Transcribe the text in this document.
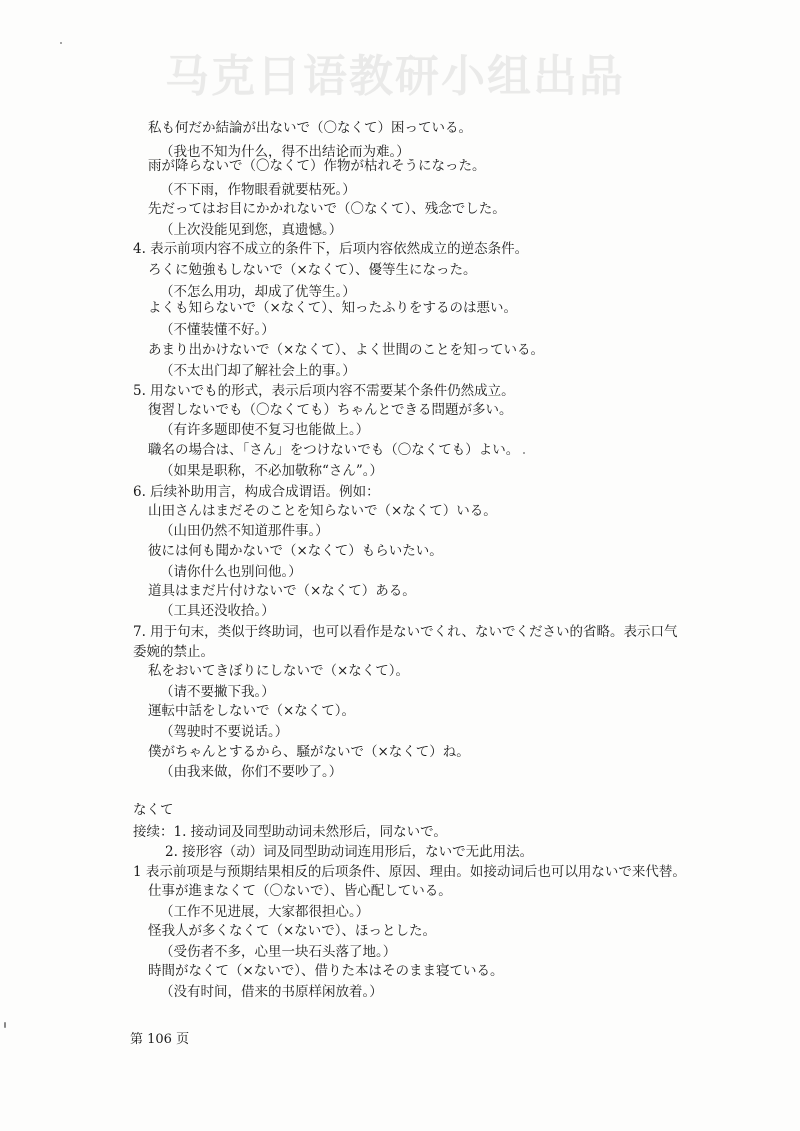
马克日语教研小组出品
私も何だか結論が出ないで（〇なくて）困っている。
（我也不知为什么，得不出结论而为难。）
雨が降らないで（〇なくて）作物が枯れそうになった。
（不下雨，作物眼看就要枯死。）
先だってはお目にかかれないで（〇なくて）、残念でした。
（上次没能见到您，真遗憾。）
4. 表示前项内容不成立的条件下，后项内容依然成立的逆态条件。
ろくに勉強もしないで（×なくて）、優等生になった。
（不怎么用功，却成了优等生。）
よくも知らないで（×なくて）、知ったふりをするのは悪い。
（不懂装懂不好。）
あまり出かけないで（×なくて）、よく世間のことを知っている。
（不太出门却了解社会上的事。）
5. 用ないでも的形式，表示后项内容不需要某个条件仍然成立。
復習しないでも（〇なくても）ちゃんとできる問題が多い。
（有许多题即使不复习也能做上。）
職名の場合は、「さん」をつけないでも（〇なくても）よい。
（如果是职称，不必加敬称“さん”。）
6. 后续补助用言，构成合成谓语。例如：
山田さんはまだそのことを知らないで（×なくて）いる。
（山田仍然不知道那件事。）
彼には何も聞かないで（×なくて）もらいたい。
（请你什么也别问他。）
道具はまだ片付けないで（×なくて）ある。
（工具还没收拾。）
7. 用于句末，类似于终助词，也可以看作是ないでくれ、ないでください的省略。表示口气
委婉的禁止。
私をおいてきぼりにしないで（×なくて）。
（请不要撇下我。）
運転中話をしないで（×なくて）。
（驾驶时不要说话。）
僕がちゃんとするから、騒がないで（×なくて）ね。
（由我来做，你们不要吵了。）
なくて
接续：1. 接动词及同型助动词未然形后，同ないで。
2. 接形容（动）词及同型助动词连用形后，ないで无此用法。
1 表示前项是与预期结果相反的后项条件、原因、理由。如接动词后也可以用ないで来代替。
仕事が進まなくて（〇ないで）、皆心配している。
（工作不见进展，大家都很担心。）
怪我人が多くなくて（×ないで）、ほっとした。
（受伤者不多，心里一块石头落了地。）
時間がなくて（×ないで）、借りた本はそのまま寝ている。
（没有时间，借来的书原样闲放着。）
第 106 页
